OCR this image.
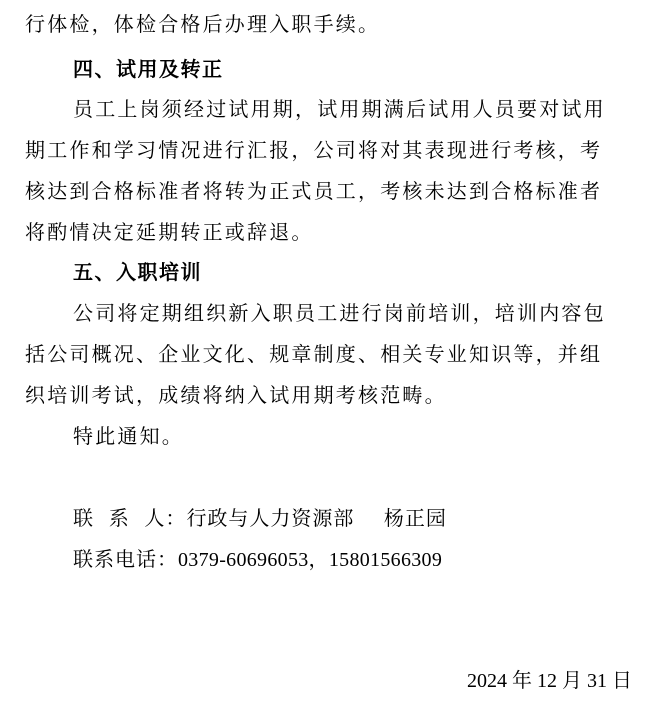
行体检，体检合格后办理入职手续。
四、试用及转正
员工上岗须经过试用期，试用期满后试用人员要对试用
期工作和学习情况进行汇报，公司将对其表现进行考核，考
核达到合格标准者将转为正式员工，考核未达到合格标准者
将酌情决定延期转正或辞退。
五、入职培训
公司将定期组织新入职员工进行岗前培训，培训内容包
括公司概况、企业文化、规章制度、相关专业知识等，并组
织培训考试，成绩将纳入试用期考核范畴。
特此通知。
联  系  人：行政与人力资源部    杨正园
联系电话：0379-60696053，15801566309
2024 年 12 月 31 日
